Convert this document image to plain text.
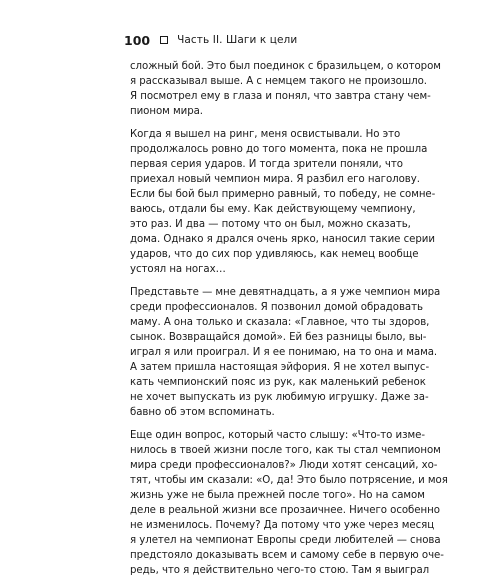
100	Часть II. Шаги к цели

сложный бой. Это был поединок с бразильцем, о котором
я рассказывал выше. А с немцем такого не произошло.
Я посмотрел ему в глаза и понял, что завтра стану чем-
пионом мира.

Когда я вышел на ринг, меня освистывали. Но это
продолжалось ровно до того момента, пока не прошла
первая серия ударов. И тогда зрители поняли, что
приехал новый чемпион мира. Я разбил его наголову.
Если бы бой был примерно равный, то победу, не сомне-
ваюсь, отдали бы ему. Как действующему чемпиону,
это раз. И два — потому что он был, можно сказать,
дома. Однако я дрался очень ярко, наносил такие серии
ударов, что до сих пор удивляюсь, как немец вообще
устоял на ногах…

Представьте — мне девятнадцать, а я уже чемпион мира
среди профессионалов. Я позвонил домой обрадовать
маму. А она только и сказала: «Главное, что ты здоров,
сынок. Возвращайся домой». Ей без разницы было, вы-
играл я или проиграл. И я ее понимаю, на то она и мама.
А затем пришла настоящая эйфория. Я не хотел выпус-
кать чемпионский пояс из рук, как маленький ребенок
не хочет выпускать из рук любимую игрушку. Даже за-
бавно об этом вспоминать.

Еще один вопрос, который часто слышу: «Что-то изме-
нилось в твоей жизни после того, как ты стал чемпионом
мира среди профессионалов?» Люди хотят сенсаций, хо-
тят, чтобы им сказали: «О, да! Это было потрясение, и моя
жизнь уже не была прежней после того». Но на самом
деле в реальной жизни все прозаичнее. Ничего особенно
не изменилось. Почему? Да потому что уже через месяц
я улетел на чемпионат Европы среди любителей — снова
предстояло доказывать всем и самому себе в первую оче-
редь, что я действительно чего-то стою. Там я выиграл
